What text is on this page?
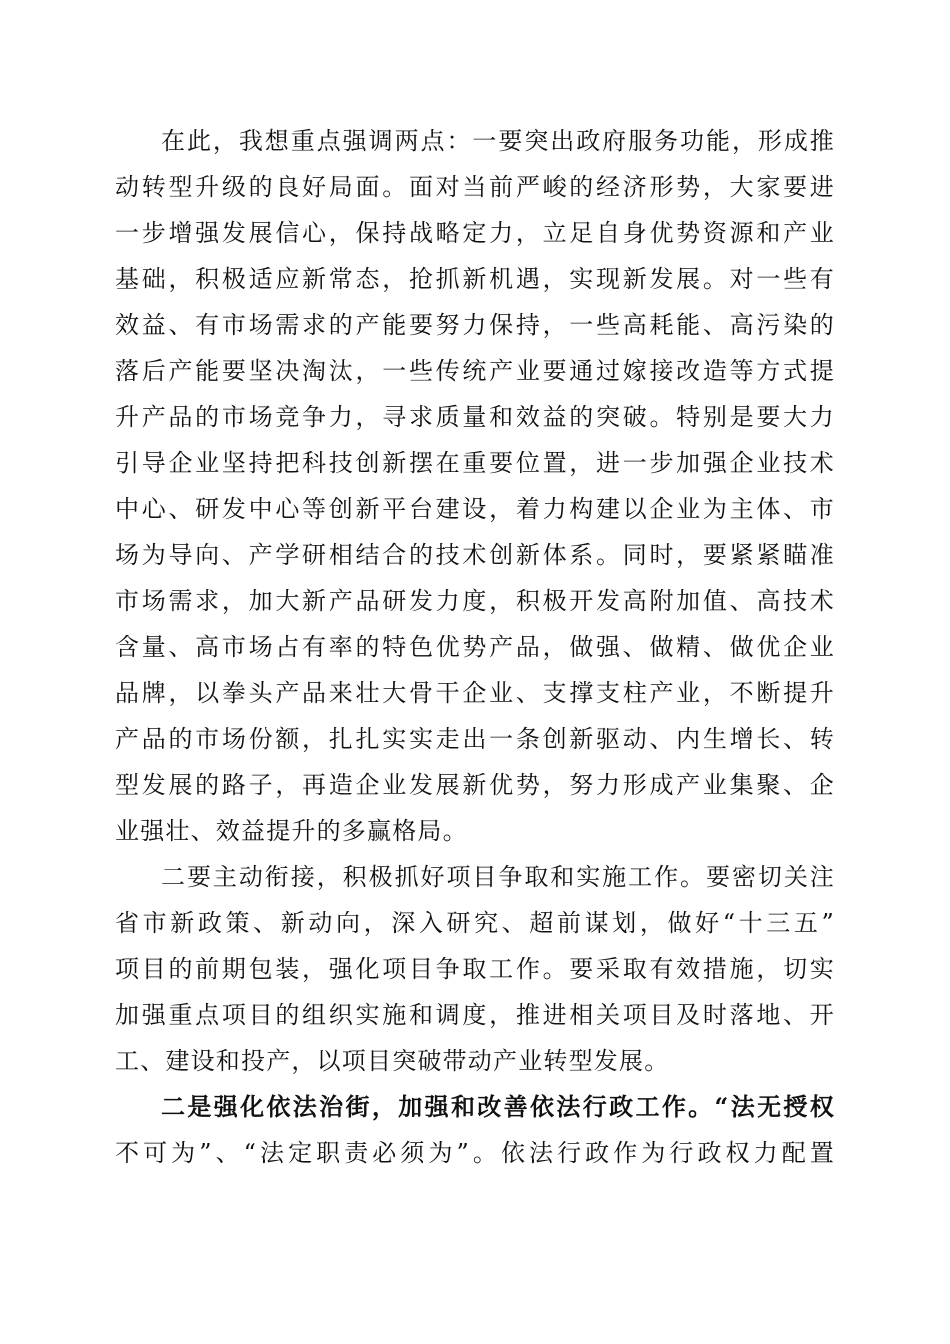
在此，我想重点强调两点：一要突出政府服务功能，形成推
动转型升级的良好局面。面对当前严峻的经济形势，大家要进
一步增强发展信心，保持战略定力，立足自身优势资源和产业
基础，积极适应新常态，抢抓新机遇，实现新发展。对一些有
效益、有市场需求的产能要努力保持，一些高耗能、高污染的
落后产能要坚决淘汰，一些传统产业要通过嫁接改造等方式提
升产品的市场竞争力，寻求质量和效益的突破。特别是要大力
引导企业坚持把科技创新摆在重要位置，进一步加强企业技术
中心、研发中心等创新平台建设，着力构建以企业为主体、市
场为导向、产学研相结合的技术创新体系。同时，要紧紧瞄准
市场需求，加大新产品研发力度，积极开发高附加值、高技术
含量、高市场占有率的特色优势产品，做强、做精、做优企业
品牌，以拳头产品来壮大骨干企业、支撑支柱产业，不断提升
产品的市场份额，扎扎实实走出一条创新驱动、内生增长、转
型发展的路子，再造企业发展新优势，努力形成产业集聚、企
业强壮、效益提升的多赢格局。
二要主动衔接，积极抓好项目争取和实施工作。要密切关注
省市新政策、新动向，深入研究、超前谋划，做好“十三五”
项目的前期包装，强化项目争取工作。要采取有效措施，切实
加强重点项目的组织实施和调度，推进相关项目及时落地、开
工、建设和投产，以项目突破带动产业转型发展。
二是强化依法治街，加强和改善依法行政工作。“法无授权
不可为”、“法定职责必须为”。依法行政作为行政权力配置
